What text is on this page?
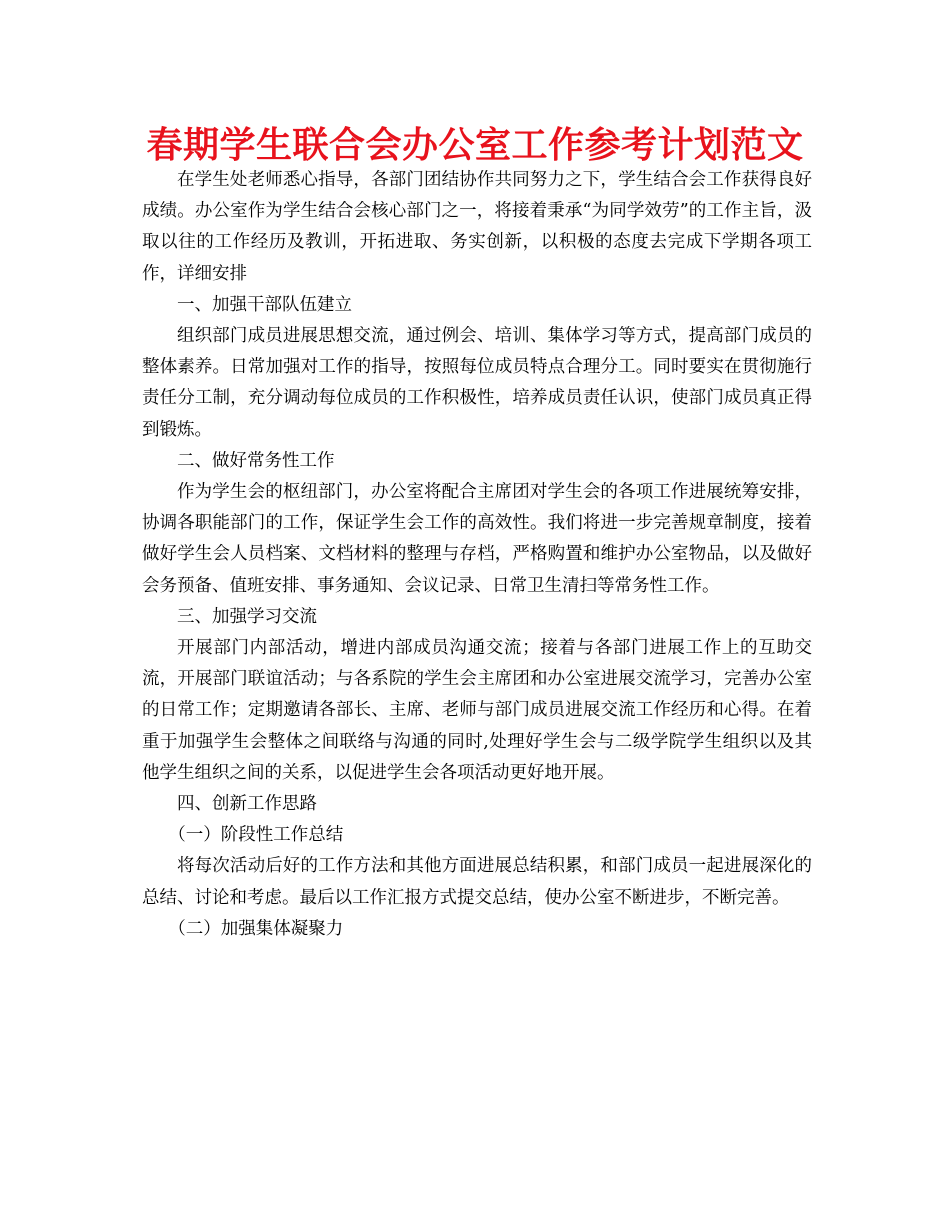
春期学生联合会办公室工作参考计划范文

在学生处老师悉心指导，各部门团结协作共同努力之下，学生结合会工作获得良好成绩。办公室作为学生结合会核心部门之一，将接着秉承“为同学效劳”的工作主旨，汲取以往的工作经历及教训，开拓进取、务实创新，以积极的态度去完成下学期各项工作，详细安排

一、加强干部队伍建立

组织部门成员进展思想交流，通过例会、培训、集体学习等方式，提高部门成员的整体素养。日常加强对工作的指导，按照每位成员特点合理分工。同时要实在贯彻施行责任分工制，充分调动每位成员的工作积极性，培养成员责任认识，使部门成员真正得到锻炼。

二、做好常务性工作

作为学生会的枢纽部门，办公室将配合主席团对学生会的各项工作进展统筹安排，协调各职能部门的工作，保证学生会工作的高效性。我们将进一步完善规章制度，接着做好学生会人员档案、文档材料的整理与存档，严格购置和维护办公室物品，以及做好会务预备、值班安排、事务通知、会议记录、日常卫生清扫等常务性工作。

三、加强学习交流

开展部门内部活动，增进内部成员沟通交流；接着与各部门进展工作上的互助交流，开展部门联谊活动；与各系院的学生会主席团和办公室进展交流学习，完善办公室的日常工作；定期邀请各部长、主席、老师与部门成员进展交流工作经历和心得。在着重于加强学生会整体之间联络与沟通的同时,处理好学生会与二级学院学生组织以及其他学生组织之间的关系，以促进学生会各项活动更好地开展。

四、创新工作思路

（一）阶段性工作总结

将每次活动后好的工作方法和其他方面进展总结积累，和部门成员一起进展深化的总结、讨论和考虑。最后以工作汇报方式提交总结，使办公室不断进步，不断完善。

（二）加强集体凝聚力
